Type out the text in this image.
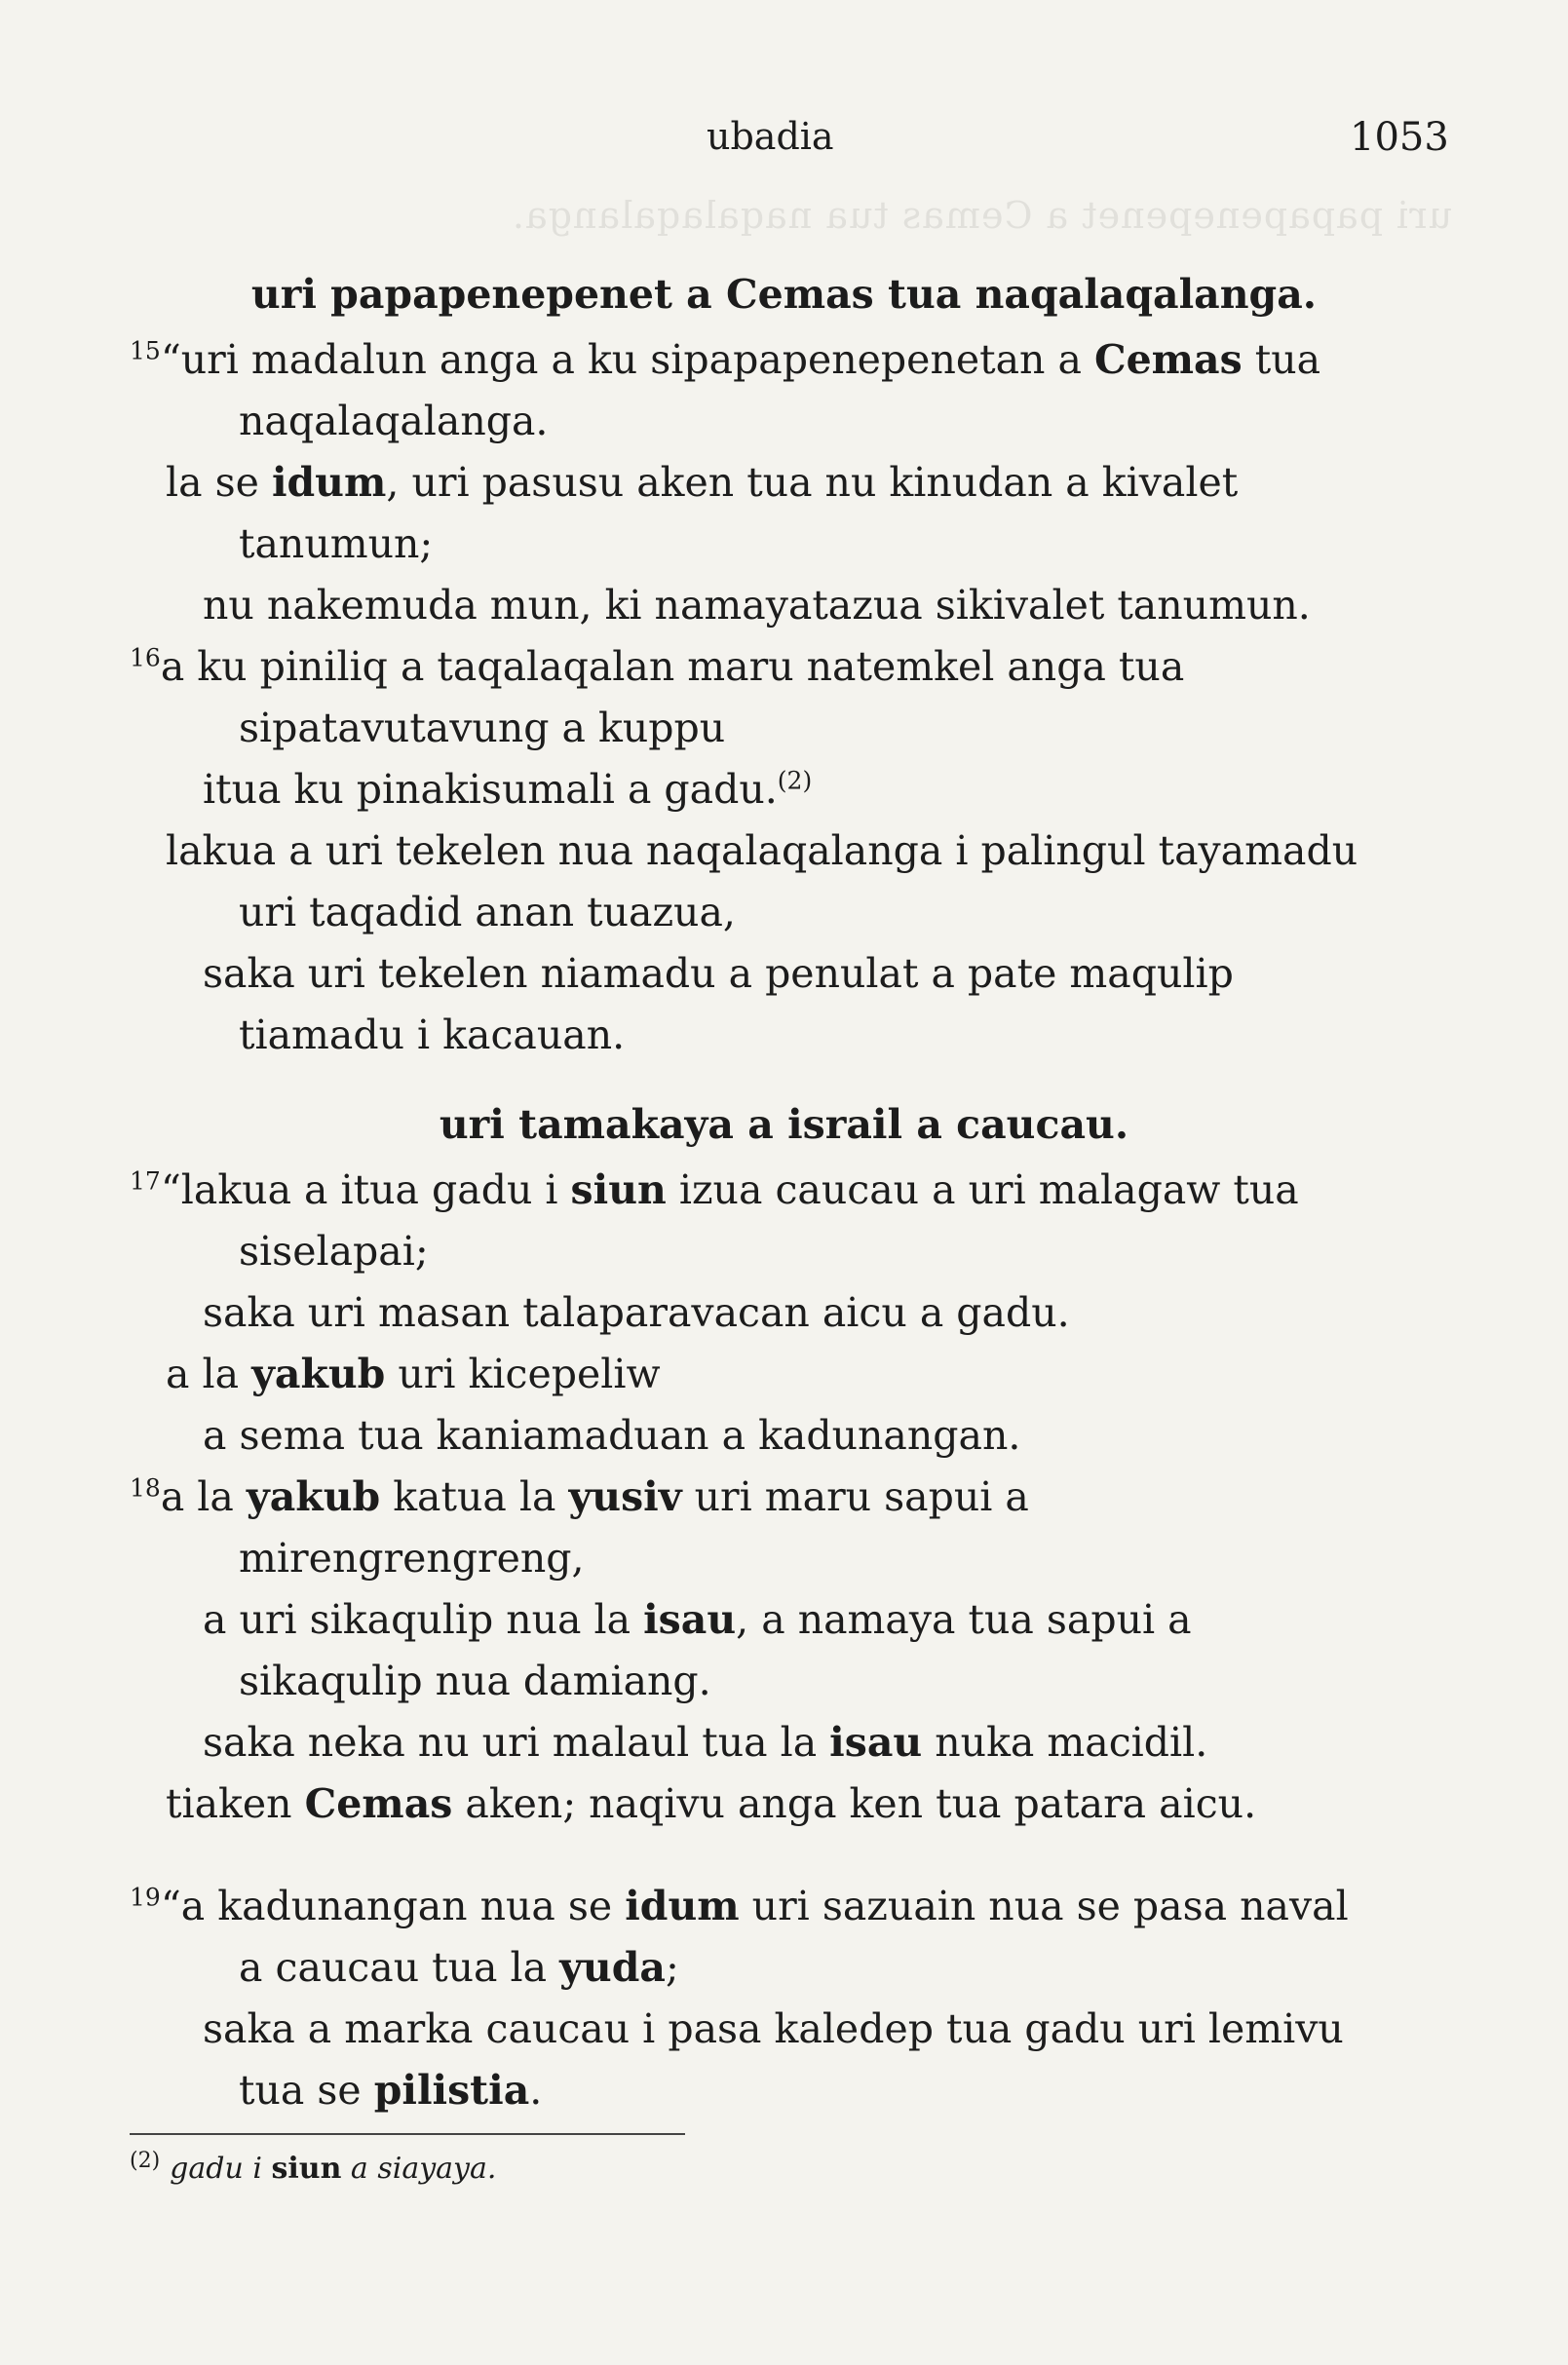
uri papapenepenet a Cemas tua naqalaqalanga.
ubadia	1053
uri papapenepenet a Cemas tua naqalaqalanga.
$^{15}$“uri madalun anga a ku sipapapenepenetan a Cemas tua
naqalaqalanga.
la se idum, uri pasusu aken tua nu kinudan a kivalet
tanumun;
nu nakemuda mun, ki namayatazua sikivalet tanumun.
$^{16}$a ku piniliq a taqalaqalan maru natemkel anga tua
sipatavutavung a kuppu
itua ku pinakisumali a gadu.$^{(2)}$
lakua a uri tekelen nua naqalaqalanga i palingul tayamadu
uri taqadid anan tuazua,
saka uri tekelen niamadu a penulat a pate maqulip
tiamadu i kacauan.
uri tamakaya a israil a caucau.
$^{17}$“lakua a itua gadu i siun izua caucau a uri malagaw tua
siselapai;
saka uri masan talaparavacan aicu a gadu.
a la yakub uri kicepeliw
a sema tua kaniamaduan a kadunangan.
$^{18}$a la yakub katua la yusiv uri maru sapui a
mirengrengreng,
a uri sikaqulip nua la isau, a namaya tua sapui a
sikaqulip nua damiang.
saka neka nu uri malaul tua la isau nuka macidil.
tiaken Cemas aken; naqivu anga ken tua patara aicu.
$^{19}$“a kadunangan nua se idum uri sazuain nua se pasa naval
a caucau tua la yuda;
saka a marka caucau i pasa kaledep tua gadu uri lemivu
tua se pilistia.
$^{(2)}$ gadu i siun a siayaya.
